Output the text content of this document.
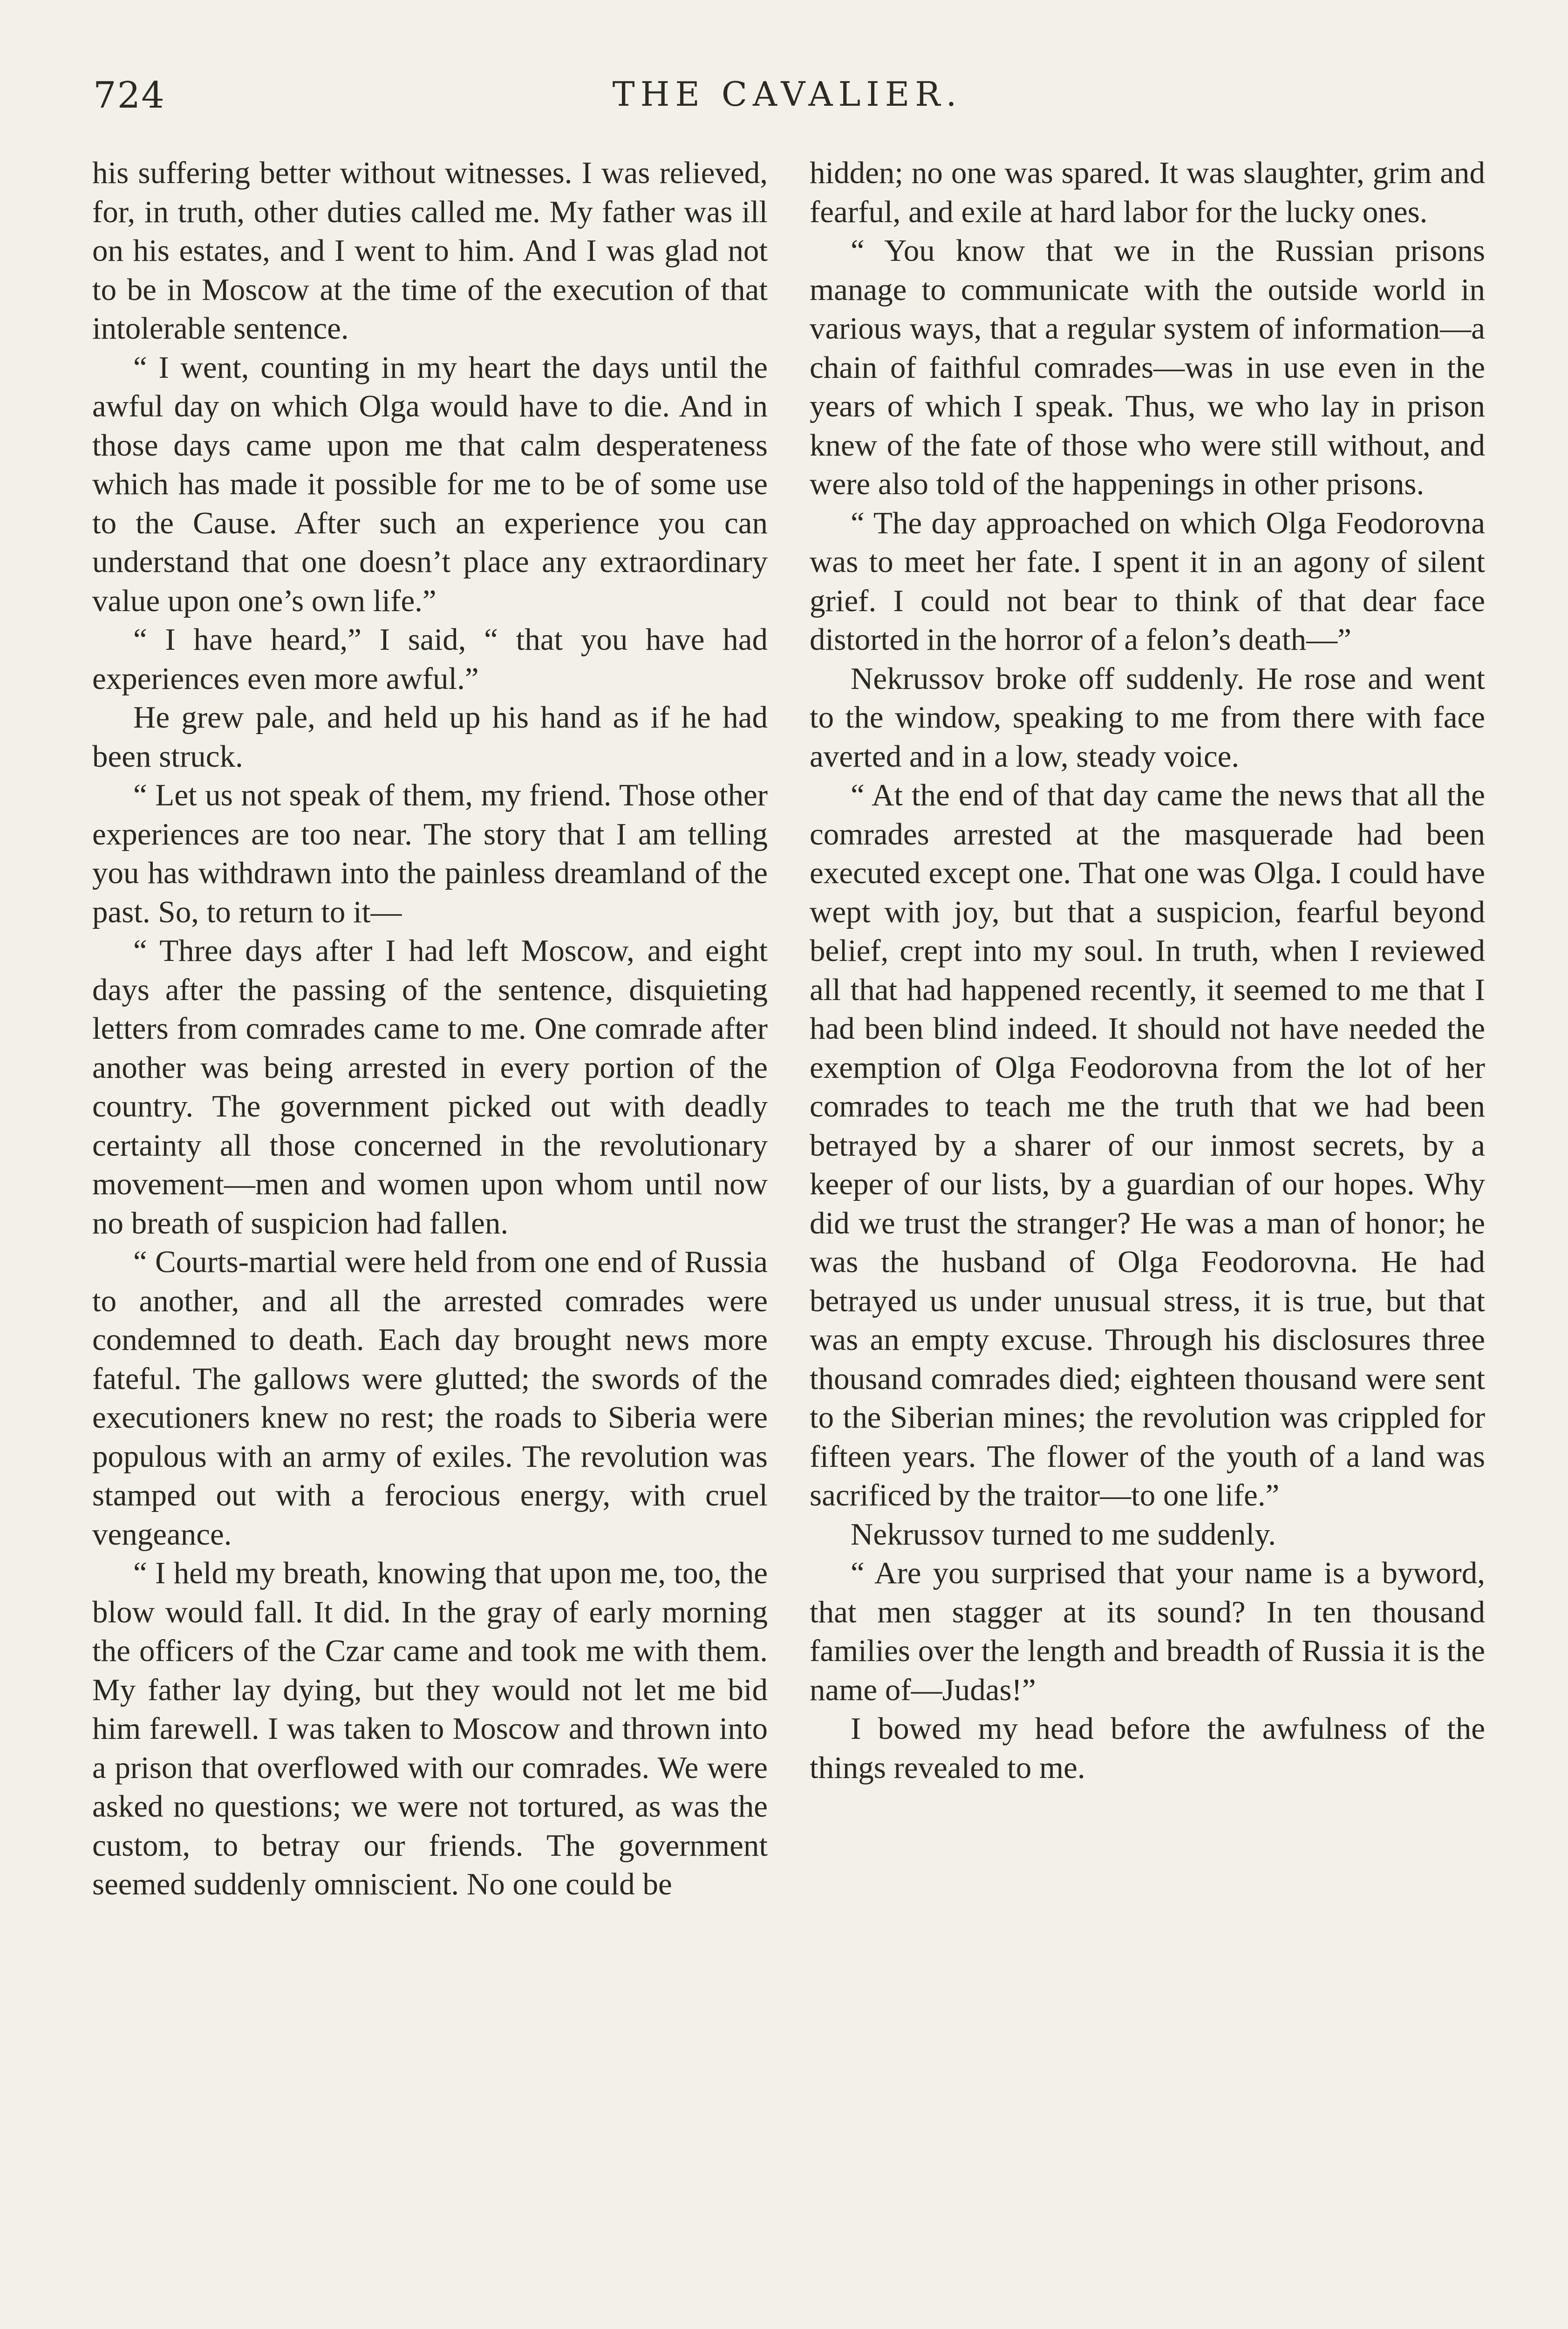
724	THE CAVALIER.

his suffering better without witnesses. I was relieved, for, in truth, other duties called me. My father was ill on his estates, and I went to him. And I was glad not to be in Moscow at the time of the execution of that intolerable sentence.

“ I went, counting in my heart the days until the awful day on which Olga would have to die. And in those days came upon me that calm desperateness which has made it possible for me to be of some use to the Cause. After such an experience you can understand that one doesn’t place any extraordinary value upon one’s own life.”

“ I have heard,” I said, “ that you have had experiences even more awful.”

He grew pale, and held up his hand as if he had been struck.

“ Let us not speak of them, my friend. Those other experiences are too near. The story that I am telling you has withdrawn into the painless dreamland of the past. So, to return to it—

“ Three days after I had left Moscow, and eight days after the passing of the sentence, disquieting letters from comrades came to me. One comrade after another was being arrested in every portion of the country. The government picked out with deadly certainty all those concerned in the revolutionary movement—men and women upon whom until now no breath of suspicion had fallen.

“ Courts-martial were held from one end of Russia to another, and all the arrested comrades were condemned to death. Each day brought news more fateful. The gallows were glutted; the swords of the executioners knew no rest; the roads to Siberia were populous with an army of exiles. The revolution was stamped out with a ferocious energy, with cruel vengeance.

“ I held my breath, knowing that upon me, too, the blow would fall. It did. In the gray of early morning the officers of the Czar came and took me with them. My father lay dying, but they would not let me bid him farewell. I was taken to Moscow and thrown into a prison that overflowed with our comrades. We were asked no questions; we were not tortured, as was the custom, to betray our friends. The government seemed suddenly omniscient. No one could be

hidden; no one was spared. It was slaughter, grim and fearful, and exile at hard labor for the lucky ones.

“ You know that we in the Russian prisons manage to communicate with the outside world in various ways, that a regular system of information—a chain of faithful comrades—was in use even in the years of which I speak. Thus, we who lay in prison knew of the fate of those who were still without, and were also told of the happenings in other prisons.

“ The day approached on which Olga Feodorovna was to meet her fate. I spent it in an agony of silent grief. I could not bear to think of that dear face distorted in the horror of a felon’s death—”

Nekrussov broke off suddenly. He rose and went to the window, speaking to me from there with face averted and in a low, steady voice.

“ At the end of that day came the news that all the comrades arrested at the masquerade had been executed except one. That one was Olga. I could have wept with joy, but that a suspicion, fearful beyond belief, crept into my soul. In truth, when I reviewed all that had happened recently, it seemed to me that I had been blind indeed. It should not have needed the exemption of Olga Feodorovna from the lot of her comrades to teach me the truth that we had been betrayed by a sharer of our inmost secrets, by a keeper of our lists, by a guardian of our hopes. Why did we trust the stranger? He was a man of honor; he was the husband of Olga Feodorovna. He had betrayed us under unusual stress, it is true, but that was an empty excuse. Through his disclosures three thousand comrades died; eighteen thousand were sent to the Siberian mines; the revolution was crippled for fifteen years. The flower of the youth of a land was sacrificed by the traitor—to one life.”

Nekrussov turned to me suddenly.

“ Are you surprised that your name is a byword, that men stagger at its sound? In ten thousand families over the length and breadth of Russia it is the name of—Judas!”

I bowed my head before the awfulness of the things revealed to me.
